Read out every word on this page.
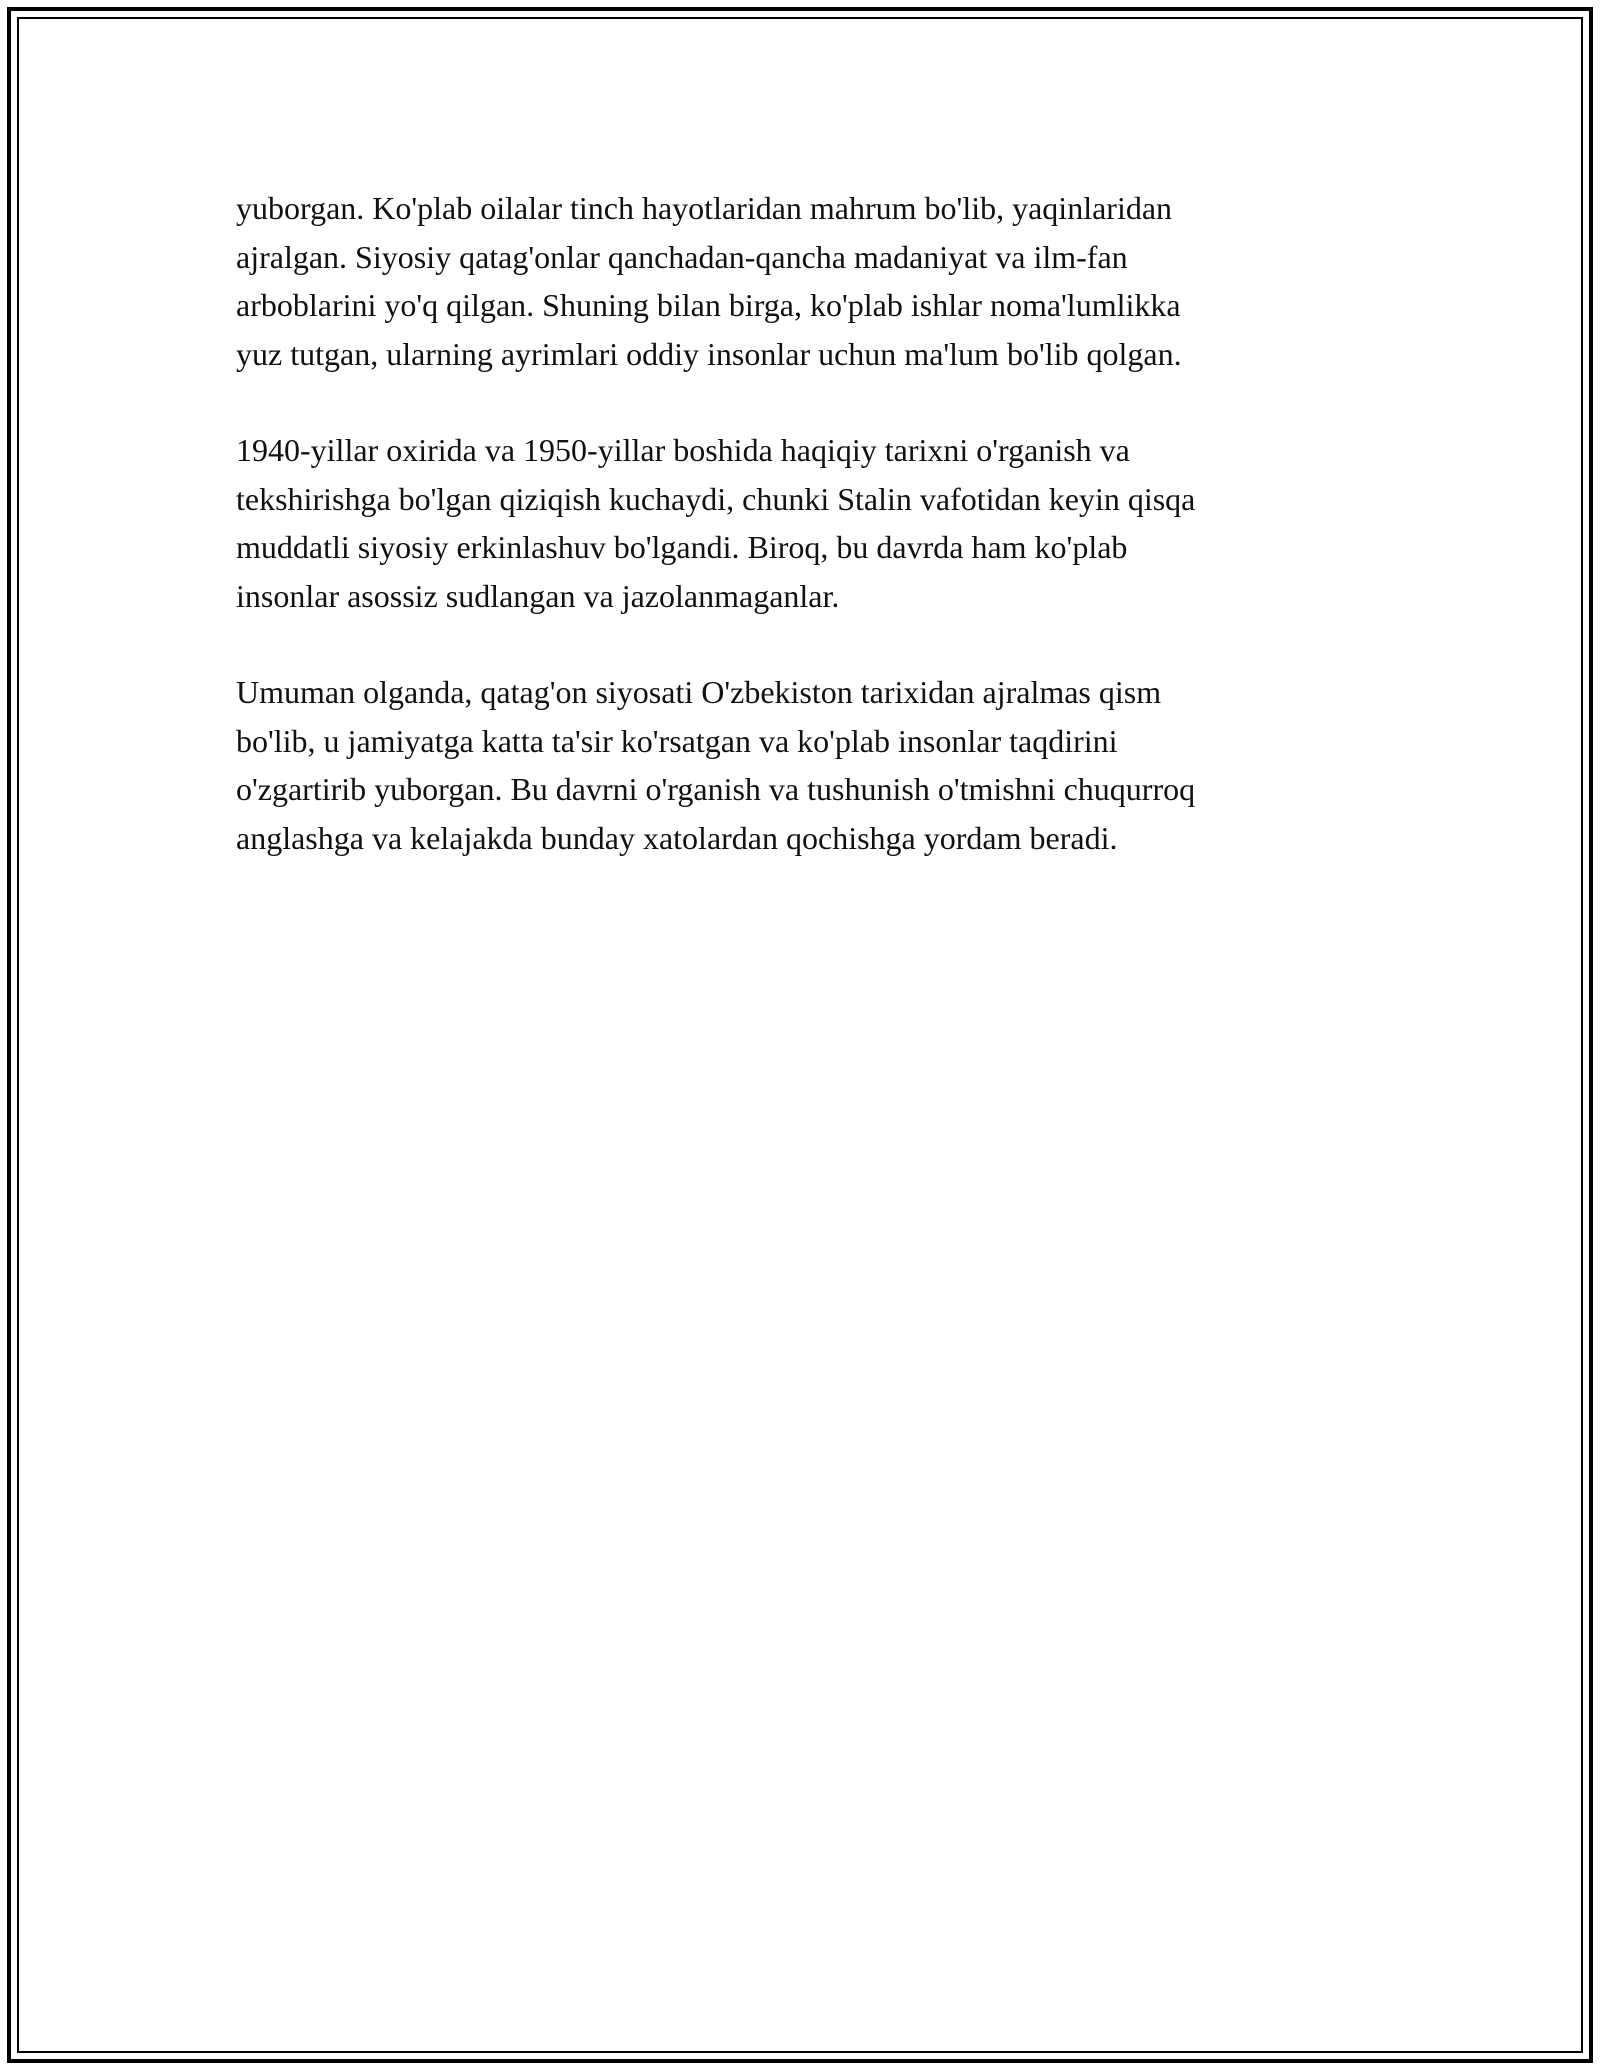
yuborgan. Ko'plab oilalar tinch hayotlaridan mahrum bo'lib, yaqinlaridan
ajralgan. Siyosiy qatag'onlar qanchadan-qancha madaniyat va ilm-fan
arboblarini yo'q qilgan. Shuning bilan birga, ko'plab ishlar noma'lumlikka
yuz tutgan, ularning ayrimlari oddiy insonlar uchun ma'lum bo'lib qolgan.

1940-yillar oxirida va 1950-yillar boshida haqiqiy tarixni o'rganish va
tekshirishga bo'lgan qiziqish kuchaydi, chunki Stalin vafotidan keyin qisqa
muddatli siyosiy erkinlashuv bo'lgandi. Biroq, bu davrda ham ko'plab
insonlar asossiz sudlangan va jazolanmaganlar.

Umuman olganda, qatag'on siyosati O'zbekiston tarixidan ajralmas qism
bo'lib, u jamiyatga katta ta'sir ko'rsatgan va ko'plab insonlar taqdirini
o'zgartirib yuborgan. Bu davrni o'rganish va tushunish o'tmishni chuqurroq
anglashga va kelajakda bunday xatolardan qochishga yordam beradi.
